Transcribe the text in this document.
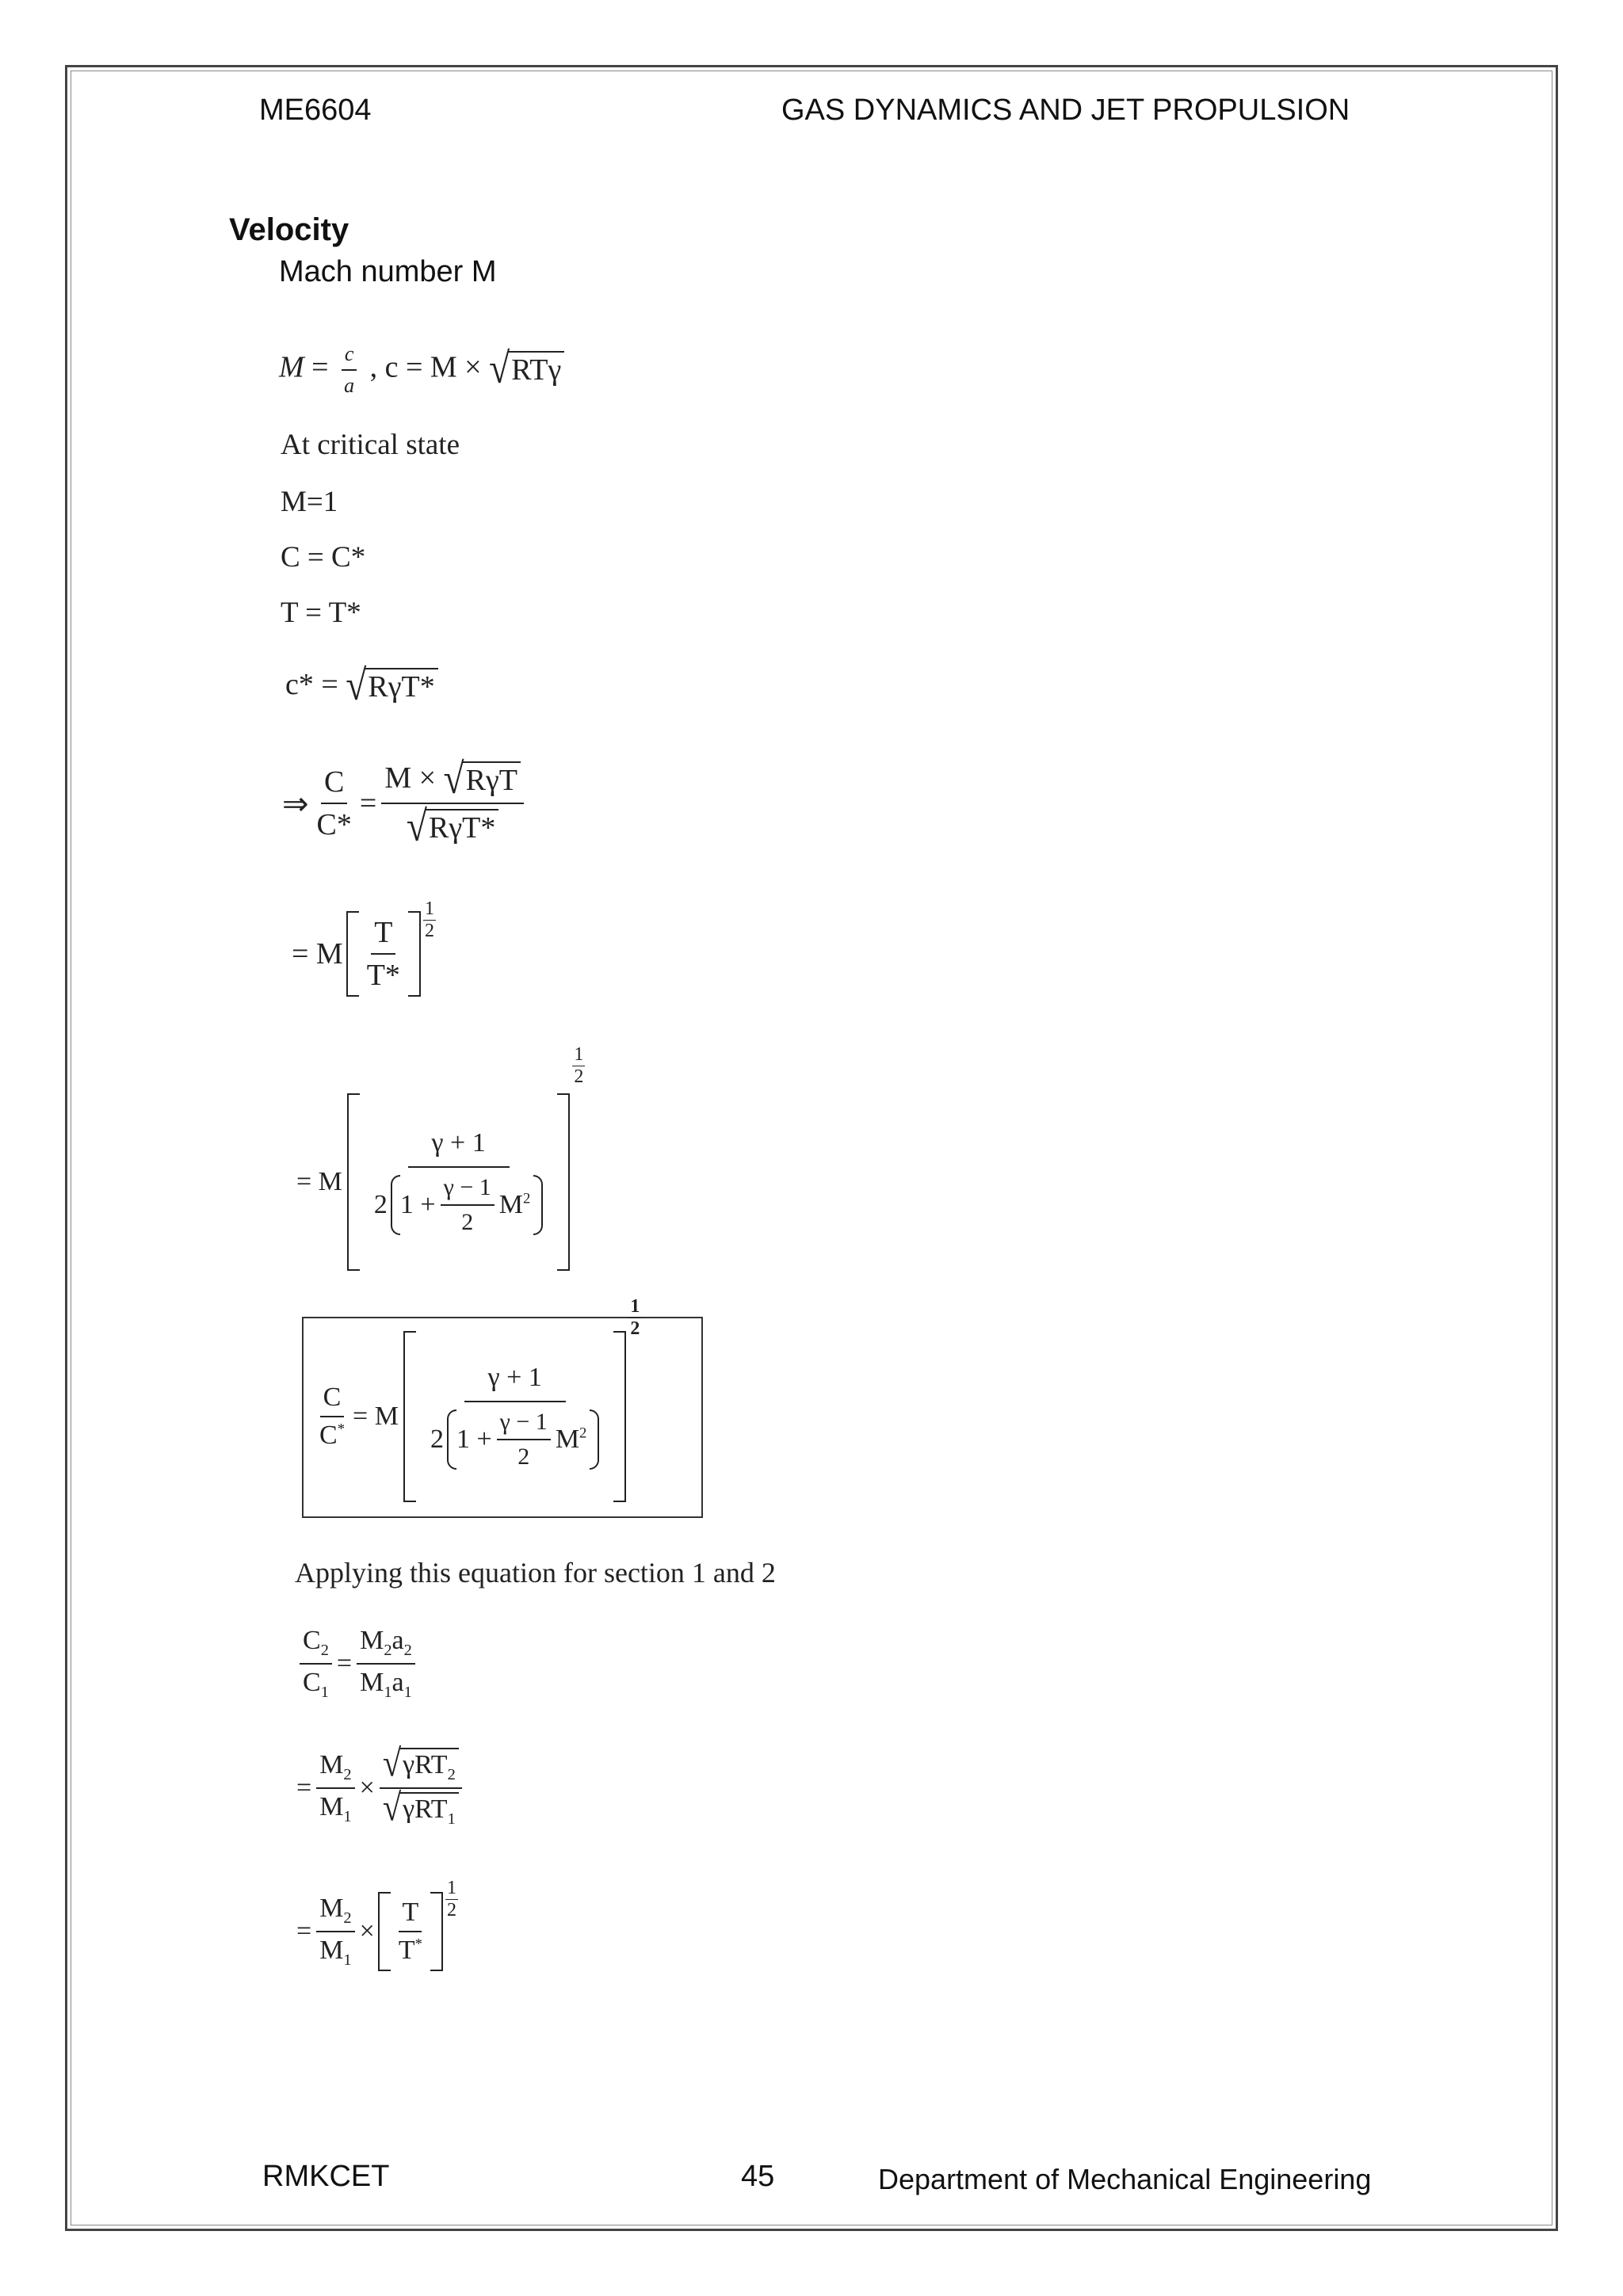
ME6604	GAS DYNAMICS AND JET PROPULSION
Velocity
Mach number M
$M = \frac{c}{a}$ , c = M × √ RTγ
At critical state
M=1
C = C*
T = T*
c* = √ RγT*
⇒ $\frac{C}{C*} = \frac{\text{M × √ RγT}}{\text{√ RγT*}}$
= M $\frac{T}{T*} \frac{1}{2}$
= M
γ + 1
2 $1 + \frac{\gamma - 1}{2} M^2$
1
2
$\frac{C}{C^*} = M$
γ + 1
2 $1 + \frac{\gamma - 1}{2} M^2$
1
2
Applying this equation for section 1 and 2
$\frac{C_2}{C_1} = \frac{M_2a_2}{M_1a_1}$
= $\frac{M_2}{M_1} \times \frac{√ \gamma RT_2}{√ \gamma RT_1}$
= $\frac{M_2}{M_1} \times \frac{T}{T^*}$
1
2
RMKCET	45	Department of Mechanical Engineering
